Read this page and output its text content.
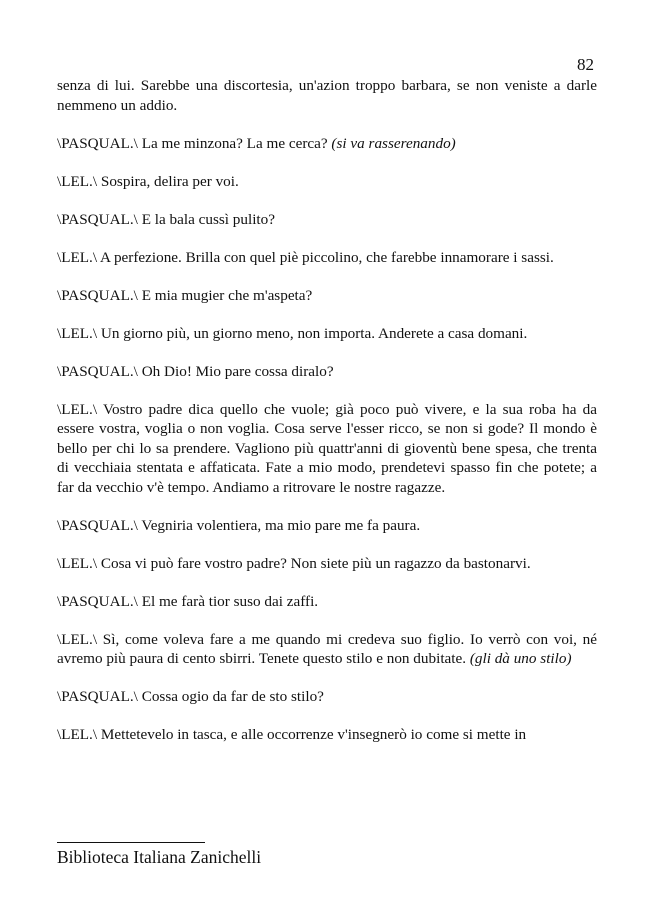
82

senza di lui. Sarebbe una discortesia, un'azion troppo barbara, se non veniste a darle nemmeno un addio.

\PASQUAL.\ La me minzona? La me cerca? (si va rasserenando)

\LEL.\ Sospira, delira per voi.

\PASQUAL.\ E la bala cussì pulito?

\LEL.\ A perfezione. Brilla con quel piè piccolino, che farebbe innamorare i sassi.

\PASQUAL.\ E mia mugier che m'aspeta?

\LEL.\ Un giorno più, un giorno meno, non importa. Anderete a casa domani.

\PASQUAL.\ Oh Dio! Mio pare cossa diralo?

\LEL.\ Vostro padre dica quello che vuole; già poco può vivere, e la sua roba ha da essere vostra, voglia o non voglia. Cosa serve l'esser ricco, se non si gode? Il mondo è bello per chi lo sa prendere. Vagliono più quattr'anni di gioventù bene spesa, che trenta di vecchiaia stentata e affaticata. Fate a mio modo, prendetevi spasso fin che potete; a far da vecchio v'è tempo. Andiamo a ritrovare le nostre ragazze.

\PASQUAL.\ Vegniria volentiera, ma mio pare me fa paura.

\LEL.\ Cosa vi può fare vostro padre? Non siete più un ragazzo da bastonarvi.

\PASQUAL.\ El me farà tior suso dai zaffi.

\LEL.\ Sì, come voleva fare a me quando mi credeva suo figlio. Io verrò con voi, né avremo più paura di cento sbirri. Tenete questo stilo e non dubitate. (gli dà uno stilo)

\PASQUAL.\ Cossa ogio da far de sto stilo?

\LEL.\ Mettetevelo in tasca, e alle occorrenze v'insegnerò io come si mette in

Biblioteca Italiana Zanichelli
